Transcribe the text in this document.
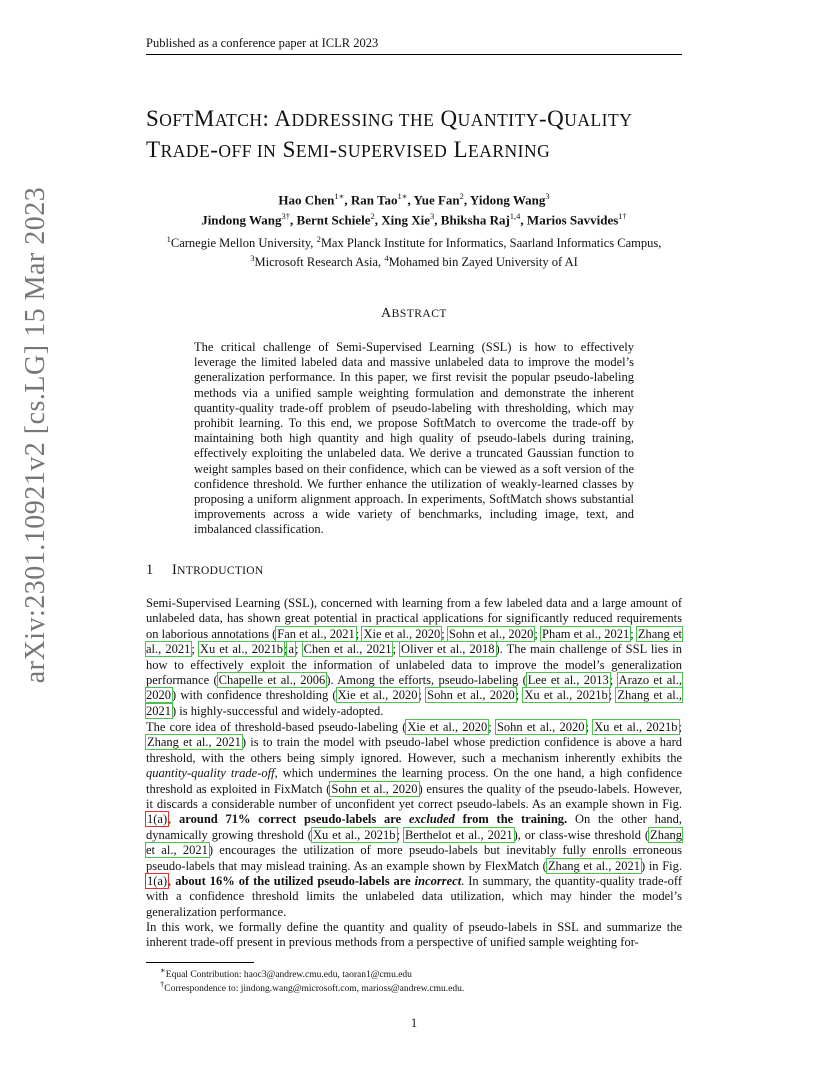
Published as a conference paper at ICLR 2023
arXiv:2301.10921v2 [cs.LG] 15 Mar 2023
SOFTMATCH: ADDRESSING THE QUANTITY-QUALITY
TRADE-OFF IN SEMI-SUPERVISED LEARNING
Hao Chen$^{1∗}$, Ran Tao$^{1∗}$, Yue Fan$^2$, Yidong Wang$^3$
Jindong Wang$^{3\dagger}$, Bernt Schiele$^2$, Xing Xie$^3$, Bhiksha Raj$^{1,4}$, Marios Savvides$^{1\dagger}$
$^1$Carnegie Mellon University, $^2$Max Planck Institute for Informatics, Saarland Informatics Campus,
$^3$Microsoft Research Asia, $^4$Mohamed bin Zayed University of AI
ABSTRACT
The critical challenge of Semi-Supervised Learning (SSL) is how to effectively leverage the limited labeled data and massive unlabeled data to improve the model’s generalization performance. In this paper, we first revisit the popular pseudo-labeling methods via a unified sample weighting formulation and demonstrate the inherent quantity-quality trade-off problem of pseudo-labeling with thresholding, which may prohibit learning. To this end, we propose SoftMatch to overcome the trade-off by maintaining both high quantity and high quality of pseudo-labels during training, effectively exploiting the unlabeled data. We derive a truncated Gaussian function to weight samples based on their confidence, which can be viewed as a soft version of the confidence threshold. We further enhance the utilization of weakly-learned classes by proposing a uniform alignment approach. In experiments, SoftMatch shows substantial improvements across a wide variety of benchmarks, including image, text, and imbalanced classification.
1 INTRODUCTION
Semi-Supervised Learning (SSL), concerned with learning from a few labeled data and a large amount of unlabeled data, has shown great potential in practical applications for significantly reduced requirements on laborious annotations (Fan et al., 2021; Xie et al., 2020; Sohn et al., 2020; Pham et al., 2021; Zhang et al., 2021; Xu et al., 2021b;a; Chen et al., 2021; Oliver et al., 2018). The main challenge of SSL lies in how to effectively exploit the information of unlabeled data to improve the model’s generalization performance (Chapelle et al., 2006). Among the efforts, pseudo-labeling (Lee et al., 2013; Arazo et al., 2020) with confidence thresholding (Xie et al., 2020; Sohn et al., 2020; Xu et al., 2021b; Zhang et al., 2021) is highly-successful and widely-adopted.
The core idea of threshold-based pseudo-labeling (Xie et al., 2020; Sohn et al., 2020; Xu et al., 2021b; Zhang et al., 2021) is to train the model with pseudo-label whose prediction confidence is above a hard threshold, with the others being simply ignored. However, such a mechanism inherently exhibits the quantity-quality trade-off, which undermines the learning process. On the one hand, a high confidence threshold as exploited in FixMatch (Sohn et al., 2020) ensures the quality of the pseudo-labels. However, it discards a considerable number of unconfident yet correct pseudo-labels. As an example shown in Fig. 1(a), around 71% correct pseudo-labels are excluded from the training. On the other hand, dynamically growing threshold (Xu et al., 2021b; Berthelot et al., 2021), or class-wise threshold (Zhang et al., 2021) encourages the utilization of more pseudo-labels but inevitably fully enrolls erroneous pseudo-labels that may mislead training. As an example shown by FlexMatch (Zhang et al., 2021) in Fig. 1(a), about 16% of the utilized pseudo-labels are incorrect. In summary, the quantity-quality trade-off with a confidence threshold limits the unlabeled data utilization, which may hinder the model’s generalization performance.
In this work, we formally define the quantity and quality of pseudo-labels in SSL and summarize the inherent trade-off present in previous methods from a perspective of unified sample weighting for-
∗Equal Contribution: haoc3@andrew.cmu.edu, taoran1@cmu.edu
†Correspondence to: jindong.wang@microsoft.com, marioss@andrew.cmu.edu.
1
